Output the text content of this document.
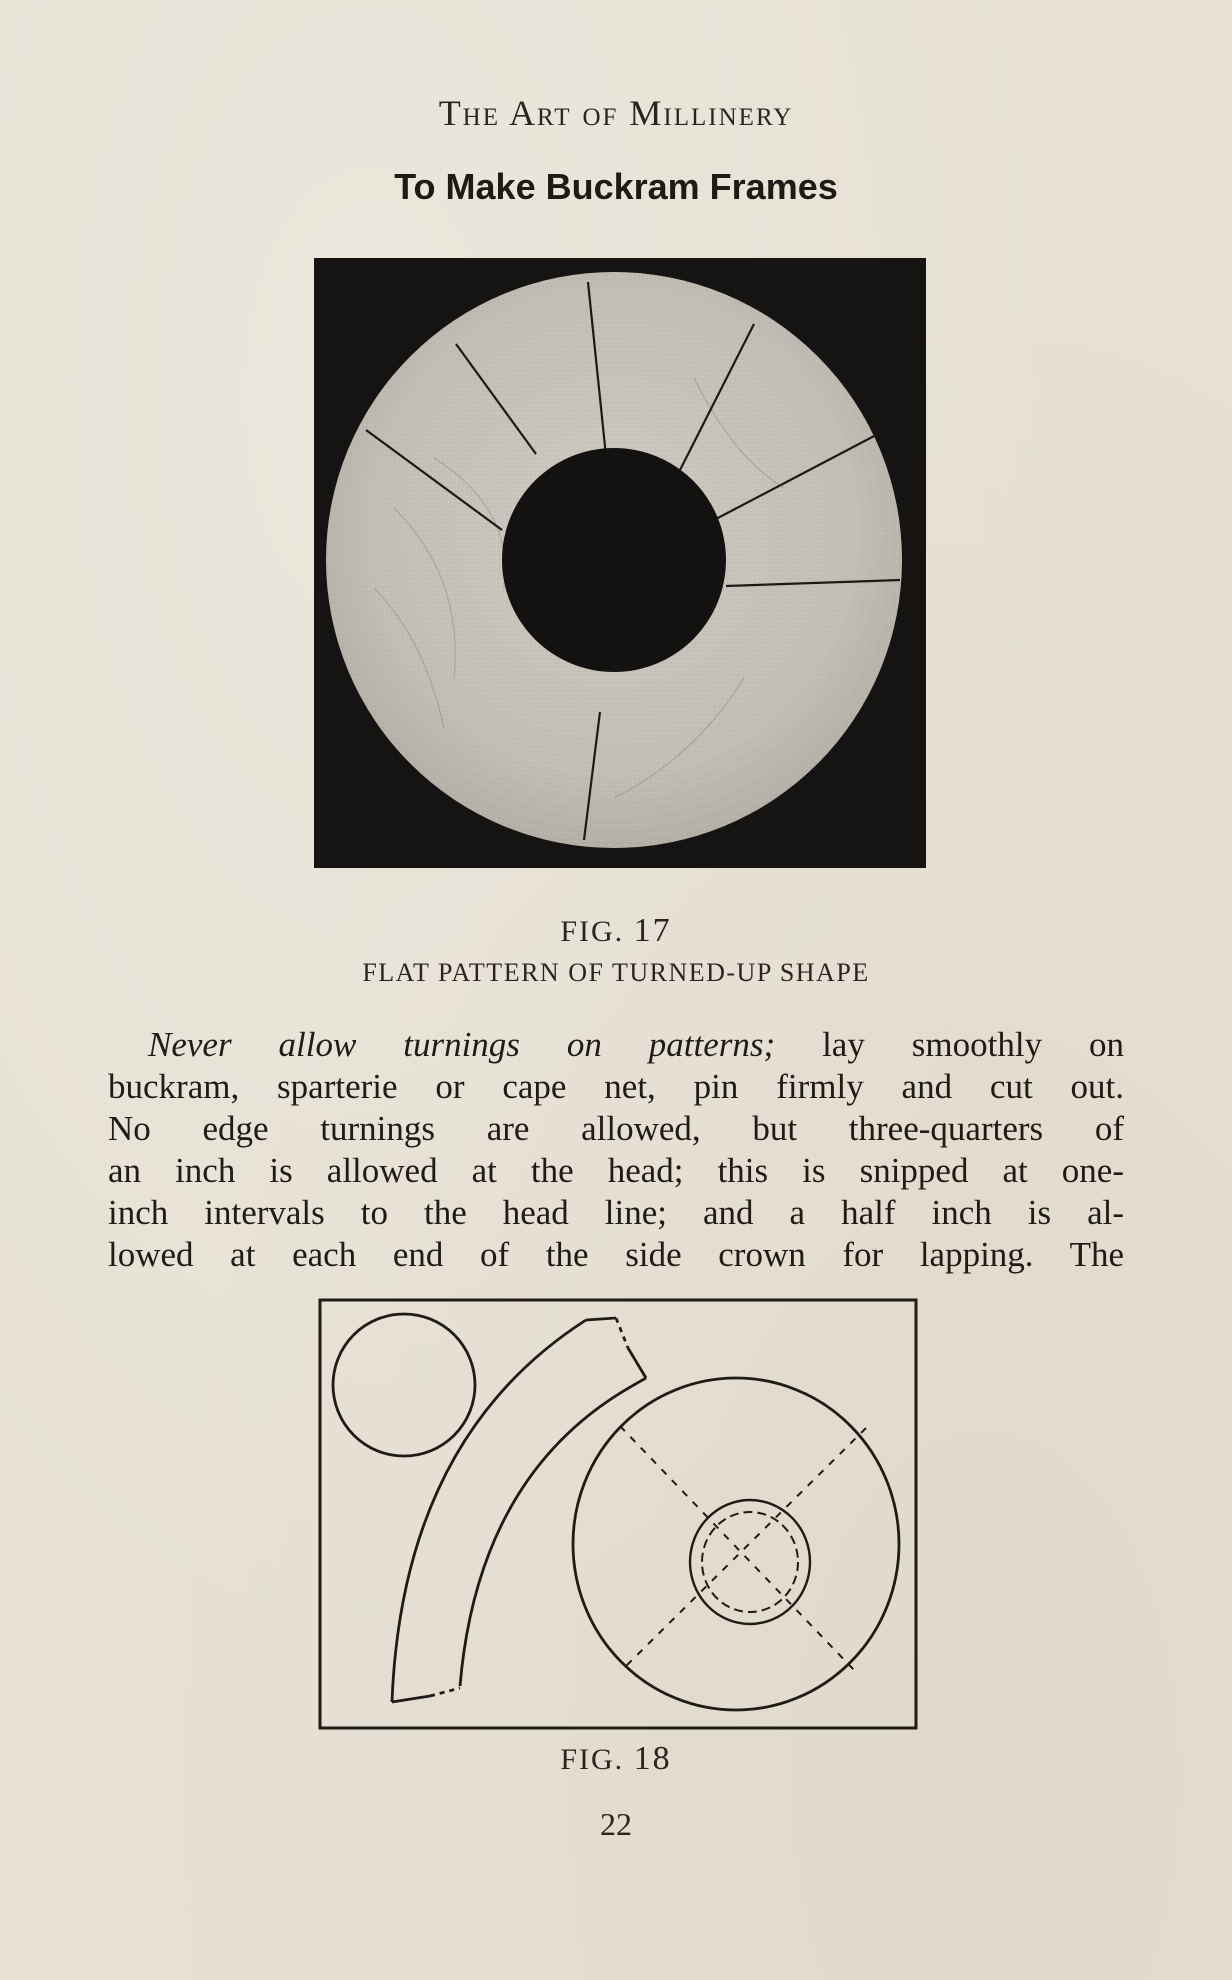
The Art of Millinery
To Make Buckram Frames
FIG. 17
FLAT PATTERN OF TURNED-UP SHAPE
Never allow turnings on patterns; lay smoothly on
buckram, sparterie or cape net, pin firmly and cut out.
No edge turnings are allowed, but three-quarters of
an inch is allowed at the head; this is snipped at one-
inch intervals to the head line; and a half inch is al-
lowed at each end of the side crown for lapping. The
FIG. 18
22
